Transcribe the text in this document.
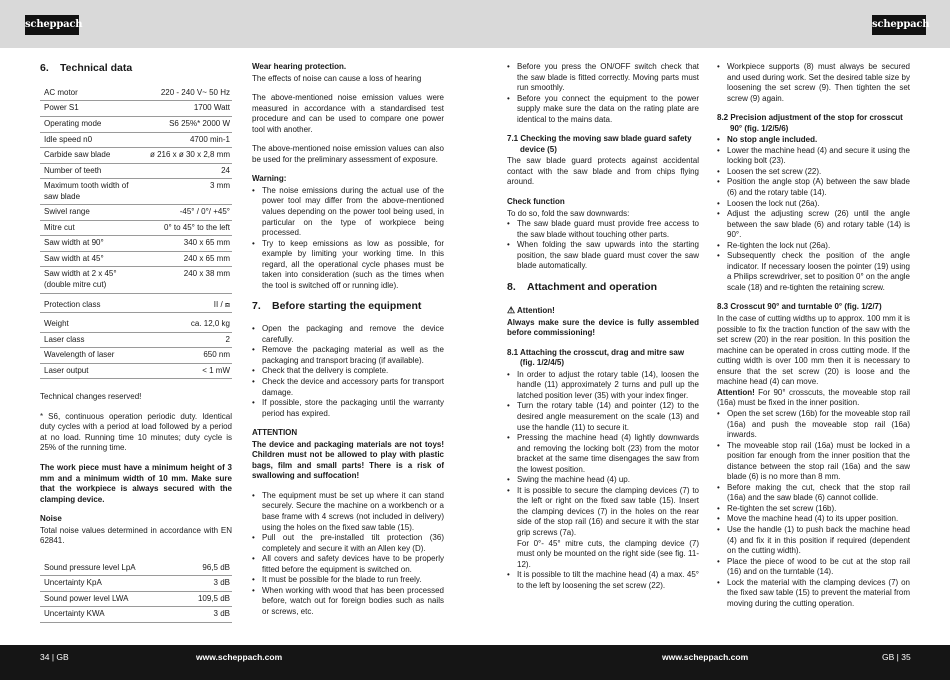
scheppach	scheppach
6. Technical data
AC motor	220 - 240 V~ 50 Hz
Power S1	1700 Watt
Operating mode	S6 25%* 2000 W
Idle speed n0	4700 min-1
Carbide saw blade	ø 216 x ø 30 x 2,8 mm
Number of teeth	24
Maximum tooth width of saw blade	3 mm
Swivel range	-45° / 0°/ +45°
Mitre cut	0° to 45° to the left
Saw width at 90°	340 x 65 mm
Saw width at 45°	240 x 65 mm
Saw width at 2 x 45° (double mitre cut)	240 x 38 mm
Protection class	II / ⧈
Weight	ca. 12,0 kg
Laser class	2
Wavelength of laser	650 nm
Laser output	< 1 mW

Technical changes reserved!

* S6, continuous operation periodic duty. Identical duty cycles with a period at load followed by a period at no load. Running time 10 minutes; duty cycle is 25% of the running time.

The work piece must have a minimum height of 3 mm and a minimum width of 10 mm. Make sure that the workpiece is always secured with the clamping device.

Noise

Total noise values determined in accordance with EN 62841.

Sound pressure level LpA	96,5 dB
Uncertainty KpA	3 dB
Sound power level LWA	109,5 dB
Uncertainty KWA	3 dB
Wear hearing protection.

The effects of noise can cause a loss of hearing

The above-mentioned noise emission values were measured in accordance with a standardised test procedure and can be used to compare one power tool with another.

The above-mentioned noise emission values can also be used for the preliminary assessment of exposure.

Warning:
• The noise emissions during the actual use of the power tool may differ from the above-mentioned values depending on the power tool being used, in particular on the type of workpiece being processed.
• Try to keep emissions as low as possible, for example by limiting your working time. In this regard, all the operational cycle phases must be taken into consideration (such as the times when the tool is switched off or running idle).
7. Before starting the equipment
• Open the packaging and remove the device carefully.
• Remove the packaging material as well as the packaging and transport bracing (if available).
• Check that the delivery is complete.
• Check the device and accessory parts for transport damage.
• If possible, store the packaging until the warranty period has expired.
ATTENTION

The device and packaging materials are not toys! Children must not be allowed to play with plastic bags, film and small parts! There is a risk of swallowing and suffocation!

• The equipment must be set up where it can stand securely. Secure the machine on a workbench or a base frame with 4 screws (not included in delivery) using the holes on the fixed saw table (15).
• Pull out the pre-installed tilt protection (36) completely and secure it with an Allen key (D).
• All covers and safety devices have to be properly fitted before the equipment is switched on.
• It must be possible for the blade to run freely.
• When working with wood that has been processed before, watch out for foreign bodies such as nails or screws, etc.
• Before you press the ON/OFF switch check that the saw blade is fitted correctly. Moving parts must run smoothly.
• Before you connect the equipment to the power supply make sure the data on the rating plate are identical to the mains data.
7.1 Checking the moving saw blade guard safety
device (5)

The saw blade guard protects against accidental contact with the saw blade and from chips flying around.

Check function

To do so, fold the saw downwards:

• The saw blade guard must provide free access to the saw blade without touching other parts.
• When folding the saw upwards into the starting position, the saw blade guard must cover the saw blade automatically.
8. Attachment and operation
⚠ Attention!

Always make sure the device is fully assembled before commissioning!

8.1 Attaching the crosscut, drag and mitre saw
(fig. 1/2/4/5)
• In order to adjust the rotary table (14), loosen the handle (11) approximately 2 turns and pull up the latched position lever (35) with your index finger.
• Turn the rotary table (14) and pointer (12) to the desired angle measurement on the scale (13) and use the handle (11) to secure it.
• Pressing the machine head (4) lightly downwards and removing the locking bolt (23) from the motor bracket at the same time disengages the saw from the lowest position.
• Swing the machine head (4) up.
• It is possible to secure the clamping devices (7) to the left or right on the fixed saw table (15). Insert the clamping devices (7) in the holes on the rear side of the stop rail (16) and secure it with the star grip screws (7a).
For 0°- 45° mitre cuts, the clamping device (7) must only be mounted on the right side (see fig. 11-12).
• It is possible to tilt the machine head (4) a max. 45° to the left by loosening the set screw (22).
• Workpiece supports (8) must always be secured and used during work. Set the desired table size by loosening the set screw (9). Then tighten the set screw (9) again.
8.2 Precision adjustment of the stop for crosscut
90° (fig. 1/2/5/6)
• No stop angle included.
• Lower the machine head (4) and secure it using the locking bolt (23).
• Loosen the set screw (22).
• Position the angle stop (A) between the saw blade (6) and the rotary table (14).
• Loosen the lock nut (26a).
• Adjust the adjusting screw (26) until the angle between the saw blade (6) and rotary table (14) is 90°.
• Re-tighten the lock nut (26a).
• Subsequently check the position of the angle indicator. If necessary loosen the pointer (19) using a Philips screwdriver, set to position 0° on the angle scale (18) and re-tighten the retaining screw.
8.3 Crosscut 90° and turntable 0° (fig. 1/2/7)

In the case of cutting widths up to approx. 100 mm it is possible to fix the traction function of the saw with the set screw (20) in the rear position. In this position the machine can be operated in cross cutting mode. If the cutting width is over 100 mm then it is necessary to ensure that the set screw (20) is loose and the machine head (4) can move.

Attention! For 90° crosscuts, the moveable stop rail (16a) must be fixed in the inner position.

• Open the set screw (16b) for the moveable stop rail (16a) and push the moveable stop rail (16a) inwards.
• The moveable stop rail (16a) must be locked in a position far enough from the inner position that the distance between the stop rail (16a) and the saw blade (6) is no more than 8 mm.
• Before making the cut, check that the stop rail (16a) and the saw blade (6) cannot collide.
• Re-tighten the set screw (16b).
• Move the machine head (4) to its upper position.
• Use the handle (1) to push back the machine head (4) and fix it in this position if required (dependent on the cutting width).
• Place the piece of wood to be cut at the stop rail (16) and on the turntable (14).
• Lock the material with the clamping devices (7) on the fixed saw table (15) to prevent the material from moving during the cutting operation.
34 | GB	www.scheppach.com	www.scheppach.com	GB | 35
